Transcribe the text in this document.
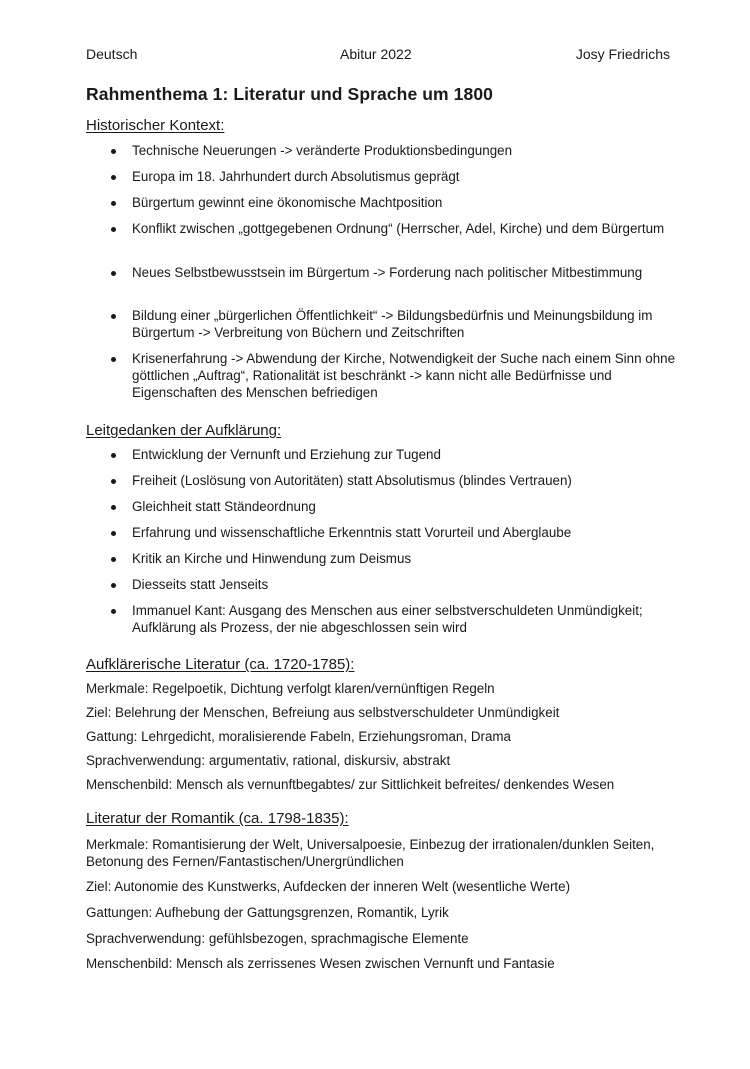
Deutsch	Abitur 2022	Josy Friedrichs
Rahmenthema 1: Literatur und Sprache um 1800
Historischer Kontext:
Technische Neuerungen -> veränderte Produktionsbedingungen
Europa im 18. Jahrhundert durch Absolutismus geprägt
Bürgertum gewinnt eine ökonomische Machtposition
Konflikt zwischen „gottgegebenen Ordnung“ (Herrscher, Adel, Kirche) und dem Bürgertum
Neues Selbstbewusstsein im Bürgertum -> Forderung nach politischer Mitbestimmung
Bildung einer „bürgerlichen Öffentlichkeit“ -> Bildungsbedürfnis und Meinungsbildung im Bürgertum -> Verbreitung von Büchern und Zeitschriften
Krisenerfahrung -> Abwendung der Kirche, Notwendigkeit der Suche nach einem Sinn ohne göttlichen „Auftrag“, Rationalität ist beschränkt -> kann nicht alle Bedürfnisse und Eigenschaften des Menschen befriedigen
Leitgedanken der Aufklärung:
Entwicklung der Vernunft und Erziehung zur Tugend
Freiheit (Loslösung von Autoritäten) statt Absolutismus (blindes Vertrauen)
Gleichheit statt Ständeordnung
Erfahrung und wissenschaftliche Erkenntnis statt Vorurteil und Aberglaube
Kritik an Kirche und Hinwendung zum Deismus
Diesseits statt Jenseits
Immanuel Kant: Ausgang des Menschen aus einer selbstverschuldeten Unmündigkeit; Aufklärung als Prozess, der nie abgeschlossen sein wird
Aufklärerische Literatur (ca. 1720-1785):
Merkmale: Regelpoetik, Dichtung verfolgt klaren/vernünftigen Regeln
Ziel: Belehrung der Menschen, Befreiung aus selbstverschuldeter Unmündigkeit
Gattung: Lehrgedicht, moralisierende Fabeln, Erziehungsroman, Drama
Sprachverwendung: argumentativ, rational, diskursiv, abstrakt
Menschenbild: Mensch als vernunftbegabtes/ zur Sittlichkeit befreites/ denkendes Wesen
Literatur der Romantik (ca. 1798-1835):
Merkmale: Romantisierung der Welt, Universalpoesie, Einbezug der irrationalen/dunklen Seiten, Betonung des Fernen/Fantastischen/Unergründlichen
Ziel: Autonomie des Kunstwerks, Aufdecken der inneren Welt (wesentliche Werte)
Gattungen: Aufhebung der Gattungsgrenzen, Romantik, Lyrik
Sprachverwendung: gefühlsbezogen, sprachmagische Elemente
Menschenbild: Mensch als zerrissenes Wesen zwischen Vernunft und Fantasie
